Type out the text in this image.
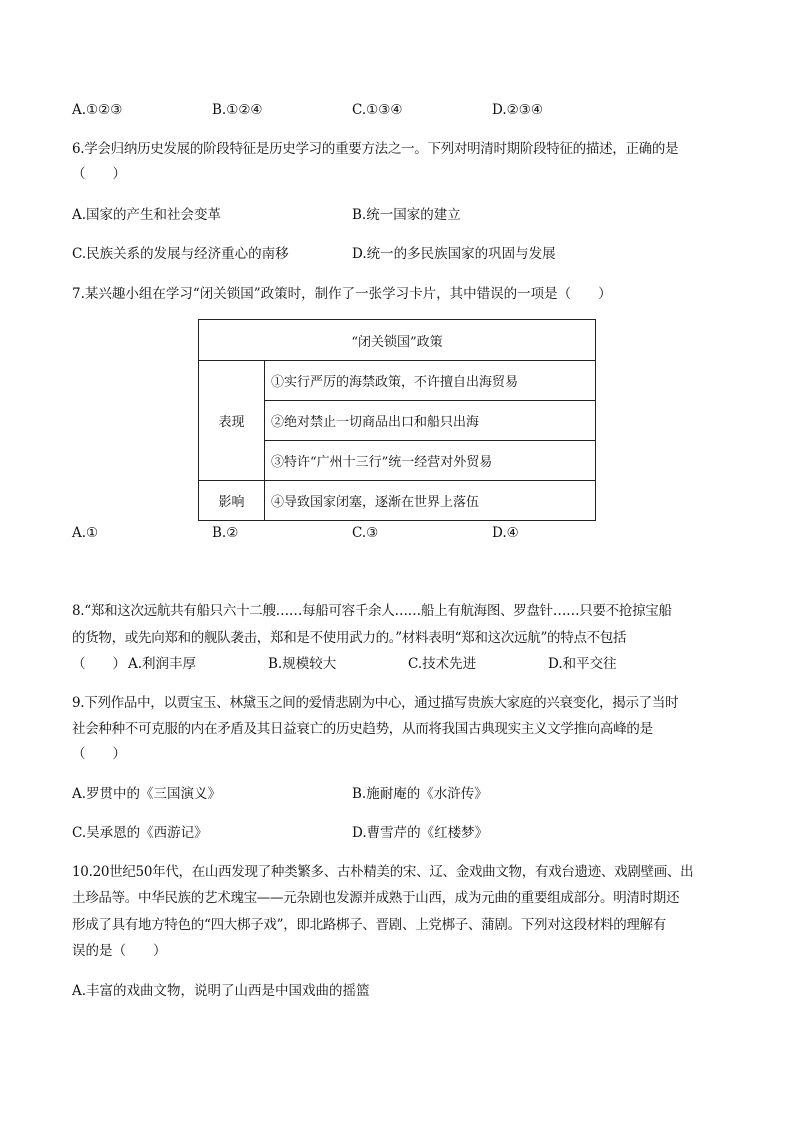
A.①②③	B.①②④	C.①③④	D.②③④
6.学会归纳历史发展的阶段特征是历史学习的重要方法之一。下列对明清时期阶段特征的描述，正确的是
（　　）
A.国家的产生和社会变革	B.统一国家的建立
C.民族关系的发展与经济重心的南移	D.统一的多民族国家的巩固与发展
7.某兴趣小组在学习“闭关锁国”政策时，制作了一张学习卡片，其中错误的一项是（　　）
“闭关锁国”政策	
表现	①实行严厉的海禁政策，不许擅自出海贸易
	②绝对禁止一切商品出口和船只出海
	③特许“广州十三行”统一经营对外贸易
影响	④导致国家闭塞，逐渐在世界上落伍
A.①	B.②	C.③	D.④
8.“郑和这次远航共有船只六十二艘……每船可容千余人……船上有航海图、罗盘针……只要不抢掠宝船
的货物，或先向郑和的舰队袭击，郑和是不使用武力的。”材料表明“郑和这次远航”的特点不包括
（　　） A.利润丰厚	B.规模较大	C.技术先进	D.和平交往
9.下列作品中，以贾宝玉、林黛玉之间的爱情悲剧为中心，通过描写贵族大家庭的兴衰变化，揭示了当时
社会种种不可克服的内在矛盾及其日益衰亡的历史趋势，从而将我国古典现实主义文学推向高峰的是
（　　）
A.罗贯中的《三国演义》	B.施耐庵的《水浒传》
C.吴承恩的《西游记》	D.曹雪芹的《红楼梦》
10.20世纪50年代，在山西发现了种类繁多、古朴精美的宋、辽、金戏曲文物，有戏台遗迹、戏剧壁画、出
土珍品等。中华民族的艺术瑰宝——元杂剧也发源并成熟于山西，成为元曲的重要组成部分。明清时期还
形成了具有地方特色的“四大梆子戏”，即北路梆子、晋剧、上党梆子、蒲剧。下列对这段材料的理解有
误的是（　　）
A.丰富的戏曲文物，说明了山西是中国戏曲的摇篮
